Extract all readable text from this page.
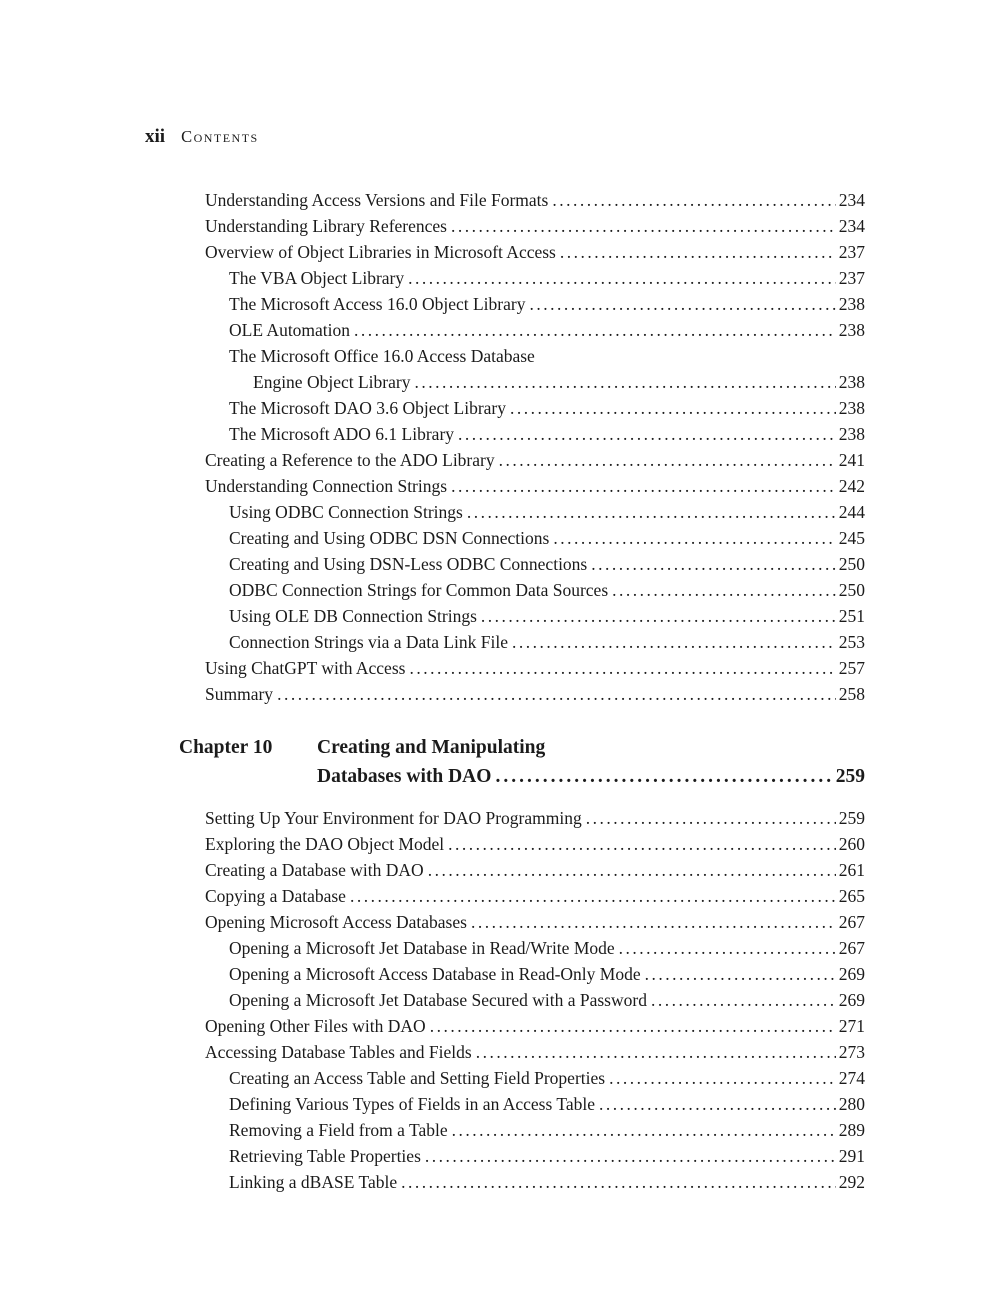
xii Contents
Understanding Access Versions and File Formats .....	234
Understanding Library References .....	234
Overview of Object Libraries in Microsoft Access .....	237
The VBA Object Library .....	237
The Microsoft Access 16.0 Object Library .....	238
OLE Automation .....	238
The Microsoft Office 16.0 Access Database
Engine Object Library .....	238
The Microsoft DAO 3.6 Object Library .....	238
The Microsoft ADO 6.1 Library .....	238
Creating a Reference to the ADO Library .....	241
Understanding Connection Strings .....	242
Using ODBC Connection Strings .....	244
Creating and Using ODBC DSN Connections .....	245
Creating and Using DSN-Less ODBC Connections .....	250
ODBC Connection Strings for Common Data Sources .....	250
Using OLE DB Connection Strings .....	251
Connection Strings via a Data Link File .....	253
Using ChatGPT with Access .....	257
Summary .....	258
Chapter 10	Creating and Manipulating
Databases with DAO .....	259
Setting Up Your Environment for DAO Programming .....	259
Exploring the DAO Object Model .....	260
Creating a Database with DAO .....	261
Copying a Database .....	265
Opening Microsoft Access Databases .....	267
Opening a Microsoft Jet Database in Read/Write Mode .....	267
Opening a Microsoft Access Database in Read-Only Mode .....	269
Opening a Microsoft Jet Database Secured with a Password .....	269
Opening Other Files with DAO .....	271
Accessing Database Tables and Fields .....	273
Creating an Access Table and Setting Field Properties .....	274
Defining Various Types of Fields in an Access Table .....	280
Removing a Field from a Table .....	289
Retrieving Table Properties .....	291
Linking a dBASE Table .....	292
